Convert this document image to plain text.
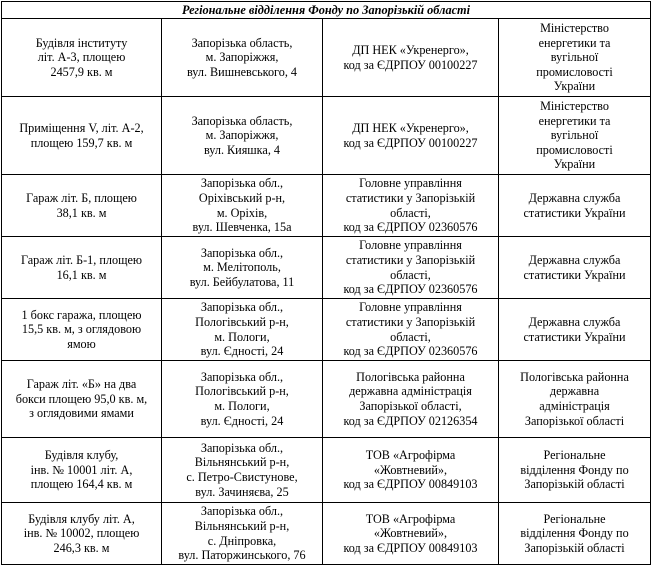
Регіональне відділення Фонду по Запорізькій області			

Будівля інституту
літ. А-3, площею
2457,9 кв. м	Запорізька область,
м. Запоріжжя,
вул. Вишневського, 4	ДП НЕК «Укренерго»,
код за ЄДРПОУ 00100227	Міністерство
енергетики та
вугільної
промисловості
України

Приміщення V, літ. А-2,
площею 159,7 кв. м	Запорізька область,
м. Запоріжжя,
вул. Кияшка, 4	ДП НЕК «Укренерго»,
код за ЄДРПОУ 00100227	Міністерство
енергетики та
вугільної
промисловості
України

Гараж літ. Б, площею
38,1 кв. м	Запорізька обл.,
Оріхівський р-н,
м. Оріхів,
вул. Шевченка, 15а	Головне управління
статистики у Запорізькій
області,
код за ЄДРПОУ 02360576	Державна служба
статистики України

Гараж літ. Б-1, площею
16,1 кв. м	Запорізька обл.,
м. Мелітополь,
вул. Бейбулатова, 11	Головне управління
статистики у Запорізькій
області,
код за ЄДРПОУ 02360576	Державна служба
статистики України

1 бокс гаража, площею
15,5 кв. м, з оглядовою
ямою	Запорізька обл.,
Пологівський р-н,
м. Пологи,
вул. Єдності, 24	Головне управління
статистики у Запорізькій
області,
код за ЄДРПОУ 02360576	Державна служба
статистики України

Гараж літ. «Б» на два
бокси площею 95,0 кв. м,
з оглядовими ямами	Запорізька обл.,
Пологівський р-н,
м. Пологи,
вул. Єдності, 24	Пологівська районна
державна адміністрація
Запорізької області,
код за ЄДРПОУ 02126354	Пологівська районна
державна
адміністрація
Запорізької області

Будівля клубу,
інв. № 10001 літ. А,
площею 164,4 кв. м	Запорізька обл.,
Вільнянський р-н,
с. Петро-Свистунове,
вул. Зачиняєва, 25	ТОВ «Агрофірма
«Жовтневий»,
код за ЄДРПОУ 00849103	Регіональне
відділення Фонду по
Запорізькій області

Будівля клубу літ. А,
інв. № 10002, площею
246,3 кв. м	Запорізька обл.,
Вільнянський р-н,
с. Дніпровка,
вул. Паторжинського, 76	ТОВ «Агрофірма
«Жовтневий»,
код за ЄДРПОУ 00849103	Регіональне
відділення Фонду по
Запорізькій області
